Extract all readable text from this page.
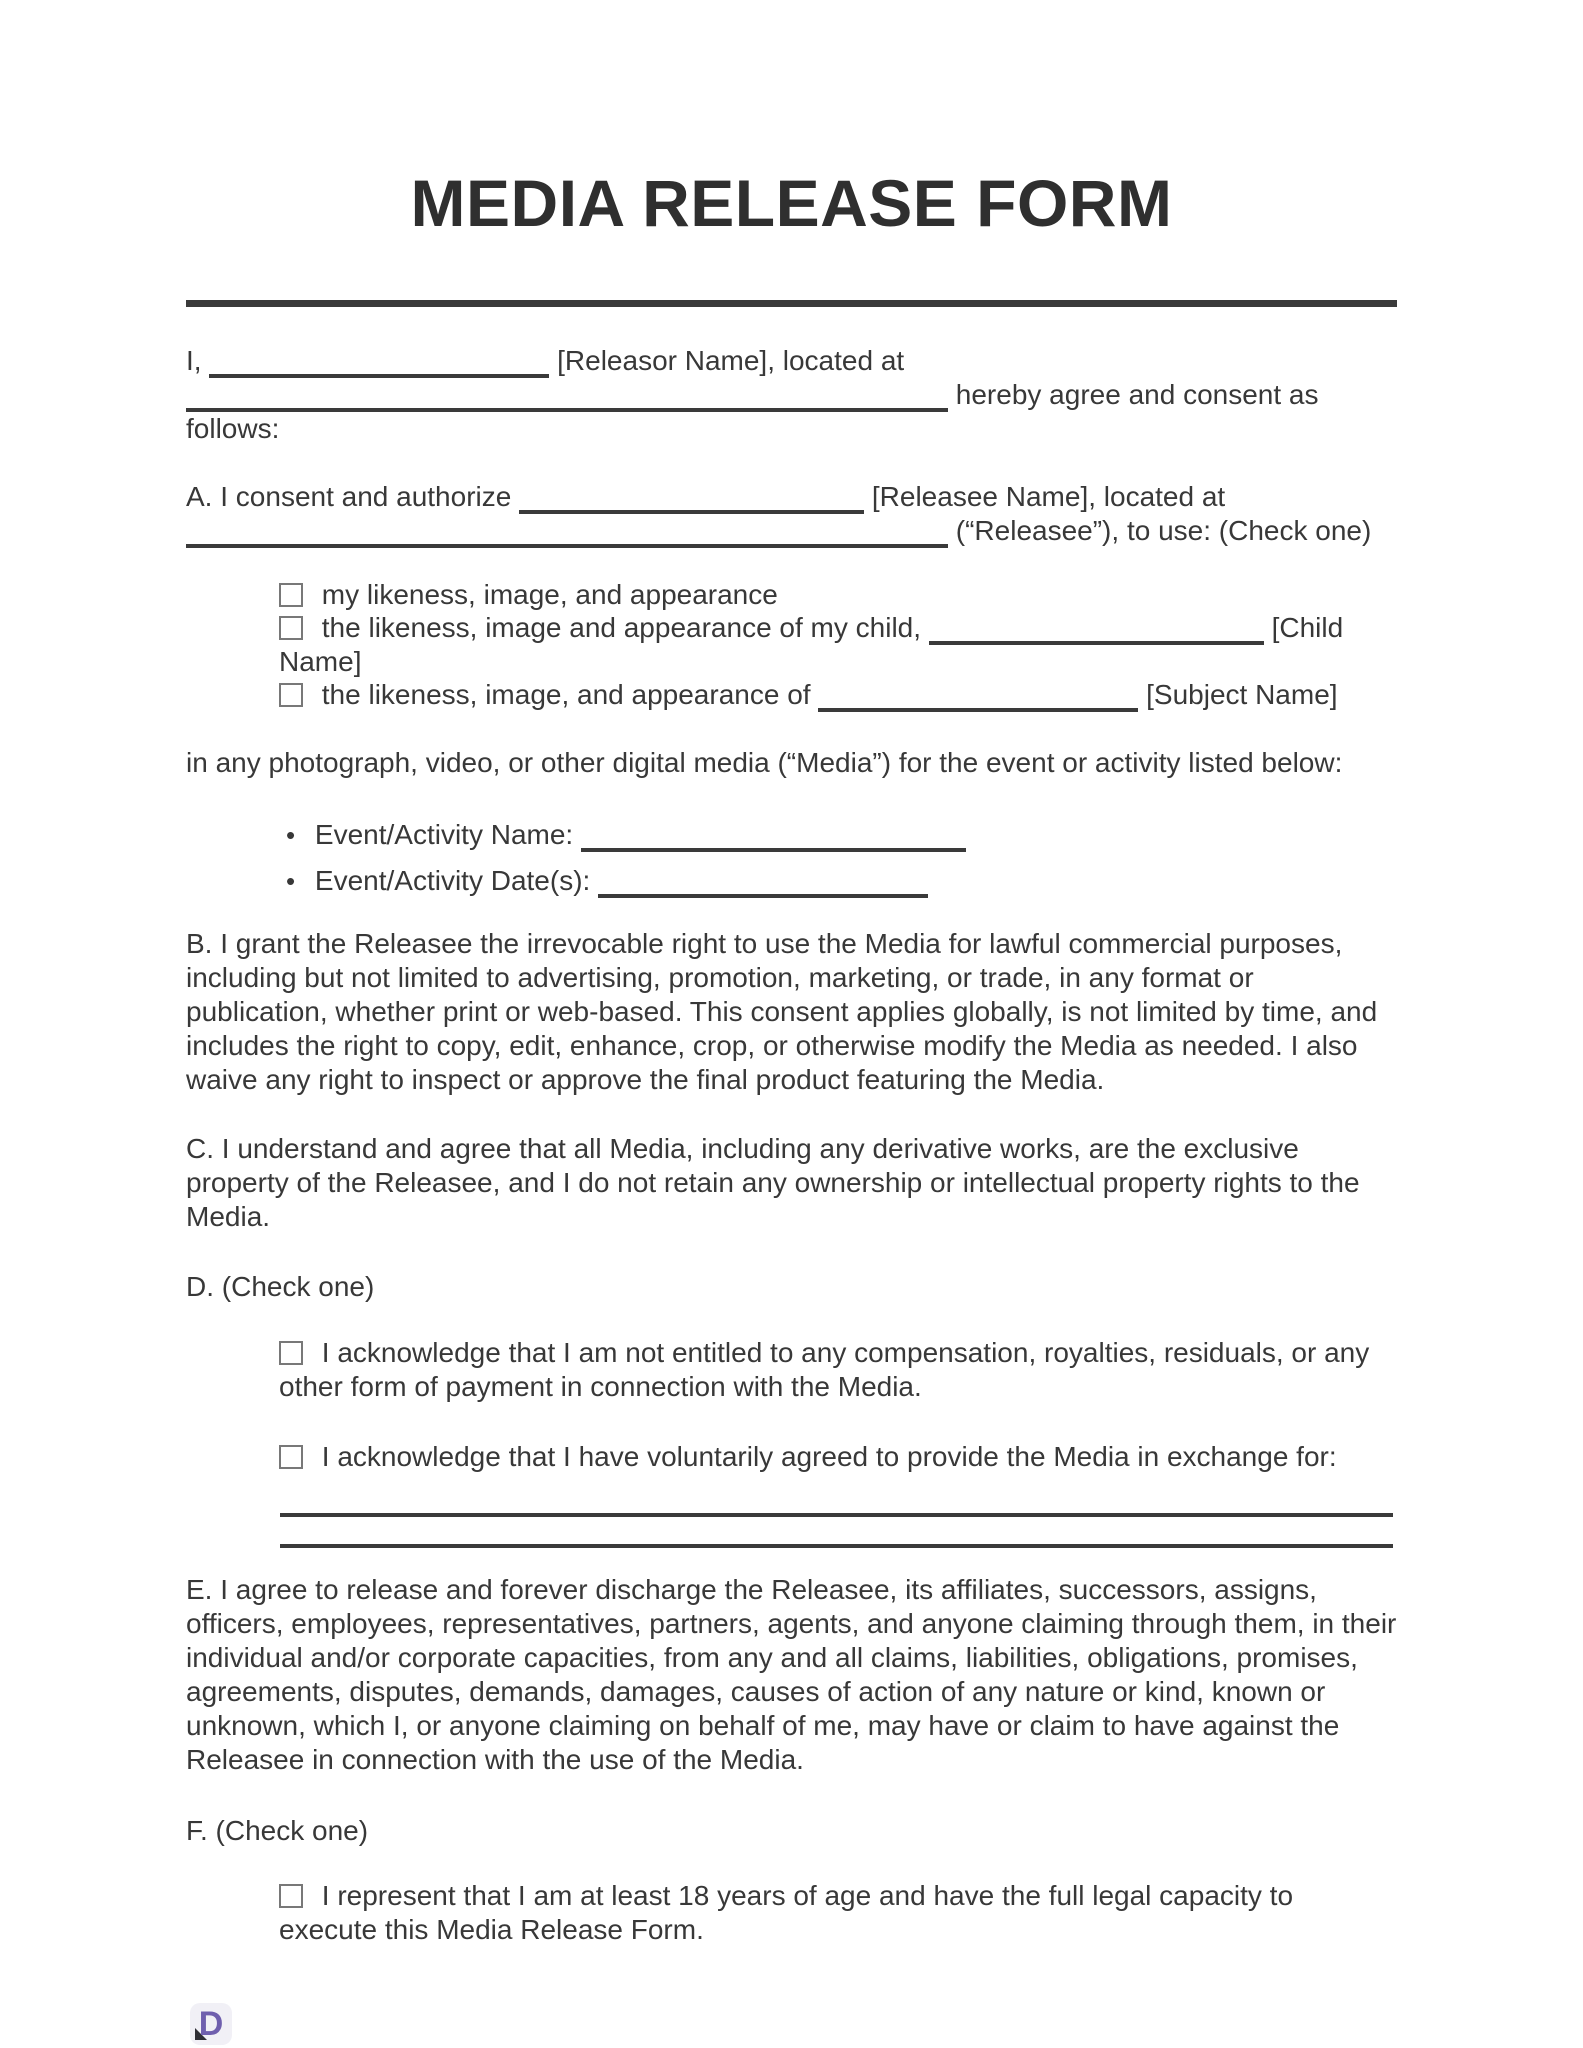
MEDIA RELEASE FORM

I,	[Releasor Name], located at
hereby agree and consent as follows:

A. I consent and authorize	[Releasee Name], located at
(“Releasee”), to use: (Check one)

my likeness, image, and appearance

the likeness, image and appearance of my child,	[Child Name]

the likeness, image, and appearance of	[Subject Name]

in any photograph, video, or other digital media (“Media”) for the event or activity listed below:

• Event/Activity Name:

• Event/Activity Date(s):

B. I grant the Releasee the irrevocable right to use the Media for lawful commercial purposes, including but not limited to advertising, promotion, marketing, or trade, in any format or publication, whether print or web-based. This consent applies globally, is not limited by time, and includes the right to copy, edit, enhance, crop, or otherwise modify the Media as needed. I also waive any right to inspect or approve the final product featuring the Media.

C. I understand and agree that all Media, including any derivative works, are the exclusive property of the Releasee, and I do not retain any ownership or intellectual property rights to the Media.

D. (Check one)

I acknowledge that I am not entitled to any compensation, royalties, residuals, or any other form of payment in connection with the Media.

I acknowledge that I have voluntarily agreed to provide the Media in exchange for:

E. I agree to release and forever discharge the Releasee, its affiliates, successors, assigns, officers, employees, representatives, partners, agents, and anyone claiming through them, in their individual and/or corporate capacities, from any and all claims, liabilities, obligations, promises, agreements, disputes, demands, damages, causes of action of any nature or kind, known or unknown, which I, or anyone claiming on behalf of me, may have or claim to have against the Releasee in connection with the use of the Media.

F. (Check one)

I represent that I am at least 18 years of age and have the full legal capacity to execute this Media Release Form.

D
